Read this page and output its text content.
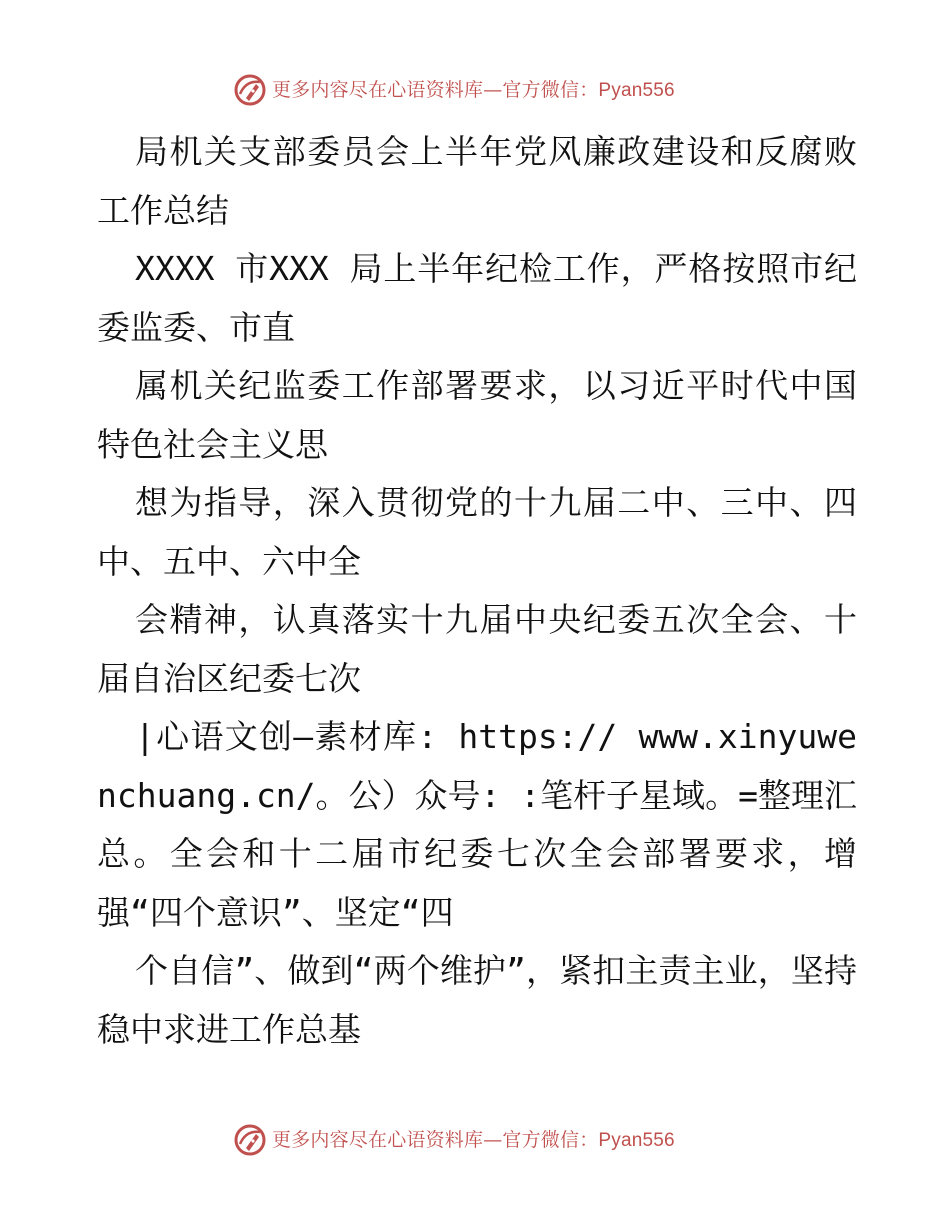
更多内容尽在心语资料库—官方微信：Pyan556

局机关支部委员会上半年党风廉政建设和反腐败工作总结

XXXX 市XXX 局上半年纪检工作，严格按照市纪委监委、市直

属机关纪监委工作部署要求，以习近平时代中国特色社会主义思

想为指导，深入贯彻党的十九届二中、三中、四中、五中、六中全

会精神，认真落实十九届中央纪委五次全会、十届自治区纪委七次

|心语文创—素材库: https:// www.xinyuwenchuang.cn/。公）众号: :笔杆子星域。=整理汇总。全会和十二届市纪委七次全会部署要求，增强“四个意识”、坚定“四

个自信”、做到“两个维护”，紧扣主责主业，坚持稳中求进工作总基

更多内容尽在心语资料库—官方微信：Pyan556
